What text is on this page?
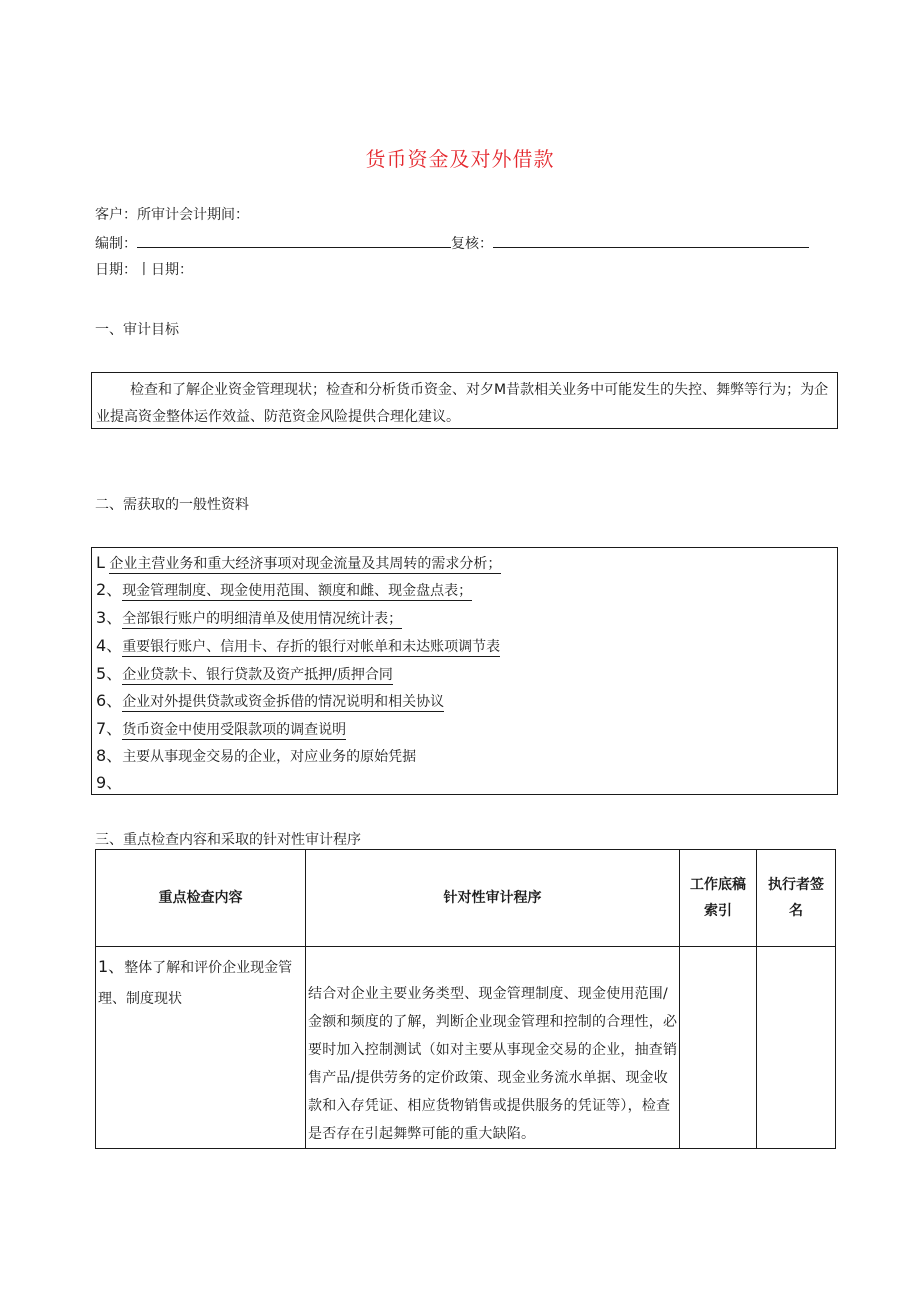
货币资金及对外借款
客户：所审计会计期间：
编制：	复核：
日期：丨日期：
一、审计目标
检查和了解企业资金管理现状；检查和分析货币资金、对夕M昔款相关业务中可能发生的失控、舞弊等行为；为企业提高资金整体运作效益、防范资金风险提供合理化建议。
二、需获取的一般性资料
L 企业主营业务和重大经济事项对现金流量及其周转的需求分析；
2、现金管理制度、现金使用范围、额度和雌、现金盘点表；
3、全部银行账户的明细清单及使用情况统计表；
4、重要银行账户、信用卡、存折的银行对帐单和未达账项调节表
5、企业贷款卡、银行贷款及资产抵押/质押合同
6、企业对外提供贷款或资金拆借的情况说明和相关协议
7、货币资金中使用受限款项的调查说明
8、主要从事现金交易的企业，对应业务的原始凭据
9、
三、重点检查内容和采取的针对性审计程序
重点检查内容	针对性审计程序	工作底稿索引	执行者签名

1、整体了解和评价企业现金管理、制度现状	结合对企业主要业务类型、现金管理制度、现金使用范围/金额和频度的了解，判断企业现金管理和控制的合理性，必要时加入控制测试（如对主要从事现金交易的企业，抽查销售产品/提供劳务的定价政策、现金业务流水单据、现金收款和入存凭证、相应货物销售或提供服务的凭证等），检查是否存在引起舞弊可能的重大缺陷。		
